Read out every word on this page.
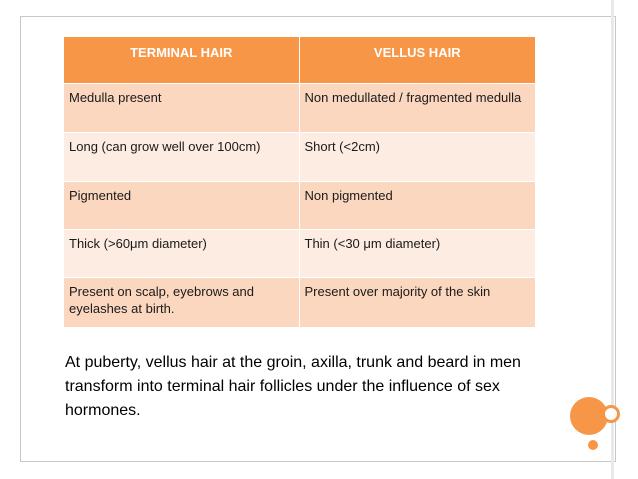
TERMINAL HAIR	VELLUS HAIR
Medulla present	Non medullated / fragmented medulla
Long (can grow well over 100cm)	Short (<2cm)
Pigmented	Non pigmented
Thick (>60μm diameter)	Thin (<30 μm diameter)
Present on scalp, eyebrows and eyelashes at birth.	Present over majority of the skin

At puberty, vellus hair at the groin, axilla, trunk and beard in men transform into terminal hair follicles under the influence of sex hormones.
